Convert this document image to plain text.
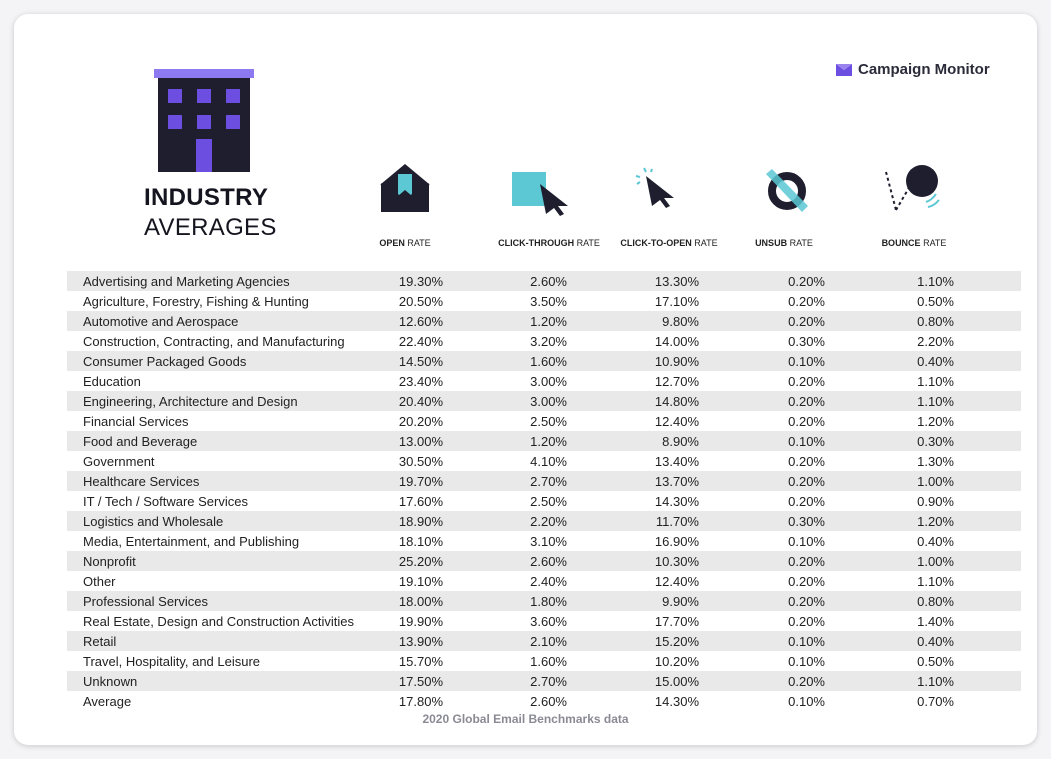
Campaign Monitor
INDUSTRY
AVERAGES
OPEN RATE	CLICK-THROUGH RATE	CLICK-TO-OPEN RATE	UNSUB RATE	BOUNCE RATE
Advertising and Marketing Agencies	19.30%	2.60%	13.30%	0.20%	1.10%
Agriculture, Forestry, Fishing & Hunting	20.50%	3.50%	17.10%	0.20%	0.50%
Automotive and Aerospace	12.60%	1.20%	9.80%	0.20%	0.80%
Construction, Contracting, and Manufacturing	22.40%	3.20%	14.00%	0.30%	2.20%
Consumer Packaged Goods	14.50%	1.60%	10.90%	0.10%	0.40%
Education	23.40%	3.00%	12.70%	0.20%	1.10%
Engineering, Architecture and Design	20.40%	3.00%	14.80%	0.20%	1.10%
Financial Services	20.20%	2.50%	12.40%	0.20%	1.20%
Food and Beverage	13.00%	1.20%	8.90%	0.10%	0.30%
Government	30.50%	4.10%	13.40%	0.20%	1.30%
Healthcare Services	19.70%	2.70%	13.70%	0.20%	1.00%
IT / Tech / Software Services	17.60%	2.50%	14.30%	0.20%	0.90%
Logistics and Wholesale	18.90%	2.20%	11.70%	0.30%	1.20%
Media, Entertainment, and Publishing	18.10%	3.10%	16.90%	0.10%	0.40%
Nonprofit	25.20%	2.60%	10.30%	0.20%	1.00%
Other	19.10%	2.40%	12.40%	0.20%	1.10%
Professional Services	18.00%	1.80%	9.90%	0.20%	0.80%
Real Estate, Design and Construction Activities	19.90%	3.60%	17.70%	0.20%	1.40%
Retail	13.90%	2.10%	15.20%	0.10%	0.40%
Travel, Hospitality, and Leisure	15.70%	1.60%	10.20%	0.10%	0.50%
Unknown	17.50%	2.70%	15.00%	0.20%	1.10%
Average	17.80%	2.60%	14.30%	0.10%	0.70%
2020 Global Email Benchmarks data
